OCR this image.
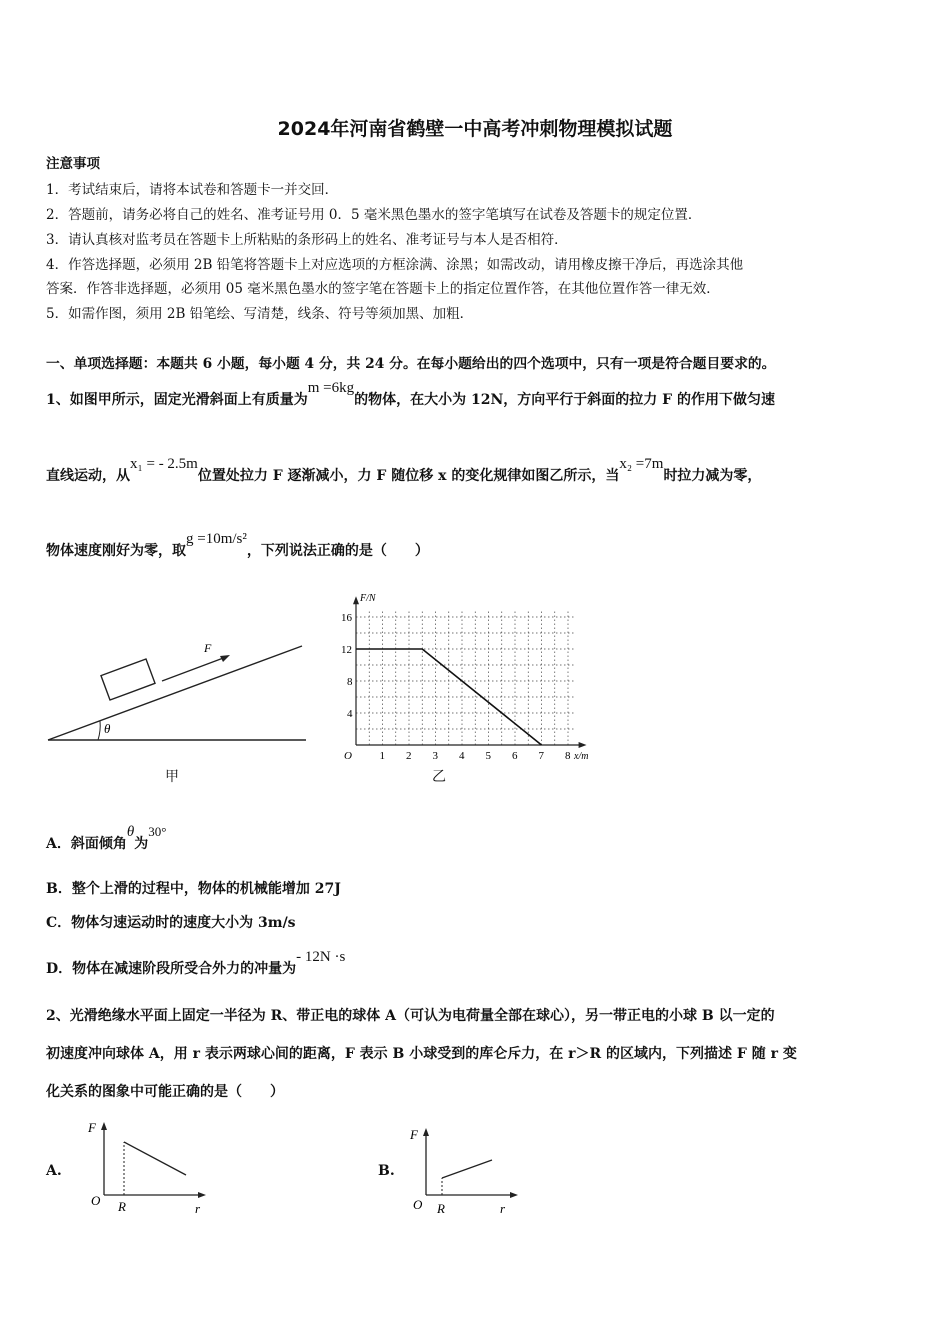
2024年河南省鹤壁一中高考冲刺物理模拟试题
注意事项
1．考试结束后，请将本试卷和答题卡一并交回．
2．答题前，请务必将自己的姓名、准考证号用 0．5 毫米黑色墨水的签字笔填写在试卷及答题卡的规定位置．
3．请认真核对监考员在答题卡上所粘贴的条形码上的姓名、准考证号与本人是否相符．
4．作答选择题，必须用 2B 铅笔将答题卡上对应选项的方框涂满、涂黑；如需改动，请用橡皮擦干净后，再选涂其他
答案．作答非选择题，必须用 05 毫米黑色墨水的签字笔在答题卡上的指定位置作答，在其他位置作答一律无效．
5．如需作图，须用 2B 铅笔绘、写清楚，线条、符号等须加黑、加粗．
一、单项选择题：本题共 6 小题，每小题 4 分，共 24 分。在每小题给出的四个选项中，只有一项是符合题目要求的。
1、如图甲所示，固定光滑斜面上有质量为m =6kg的物体，在大小为 12N，方向平行于斜面的拉力 F 的作用下做匀速
直线运动，从x₁ = - 2.5m位置处拉力 F 逐渐减小，力 F 随位移 x 的变化规律如图乙所示，当x₂ =7m时拉力减为零，
物体速度刚好为零，取g =10m/s²，下列说法正确的是（　　）
θ
F
甲
1 2 3 4 5 6 7 8
4
8
12
16
O	x/m
F/N
乙
A．斜面倾角θ为30°
B．整个上滑的过程中，物体的机械能增加 27J
C．物体匀速运动时的速度大小为 3m/s
D．物体在减速阶段所受合外力的冲量为- 12N ·s
2、光滑绝缘水平面上固定一半径为 R、带正电的球体 A（可认为电荷量全部在球心），另一带正电的小球 B 以一定的
初速度冲向球体 A，用 r 表示两球心间的距离，F 表示 B 小球受到的库仑斥力，在 r＞R 的区域内，下列描述 F 随 r 变
化关系的图象中可能正确的是（　　）
A.
F
O R	r
B.
F
O R	r
